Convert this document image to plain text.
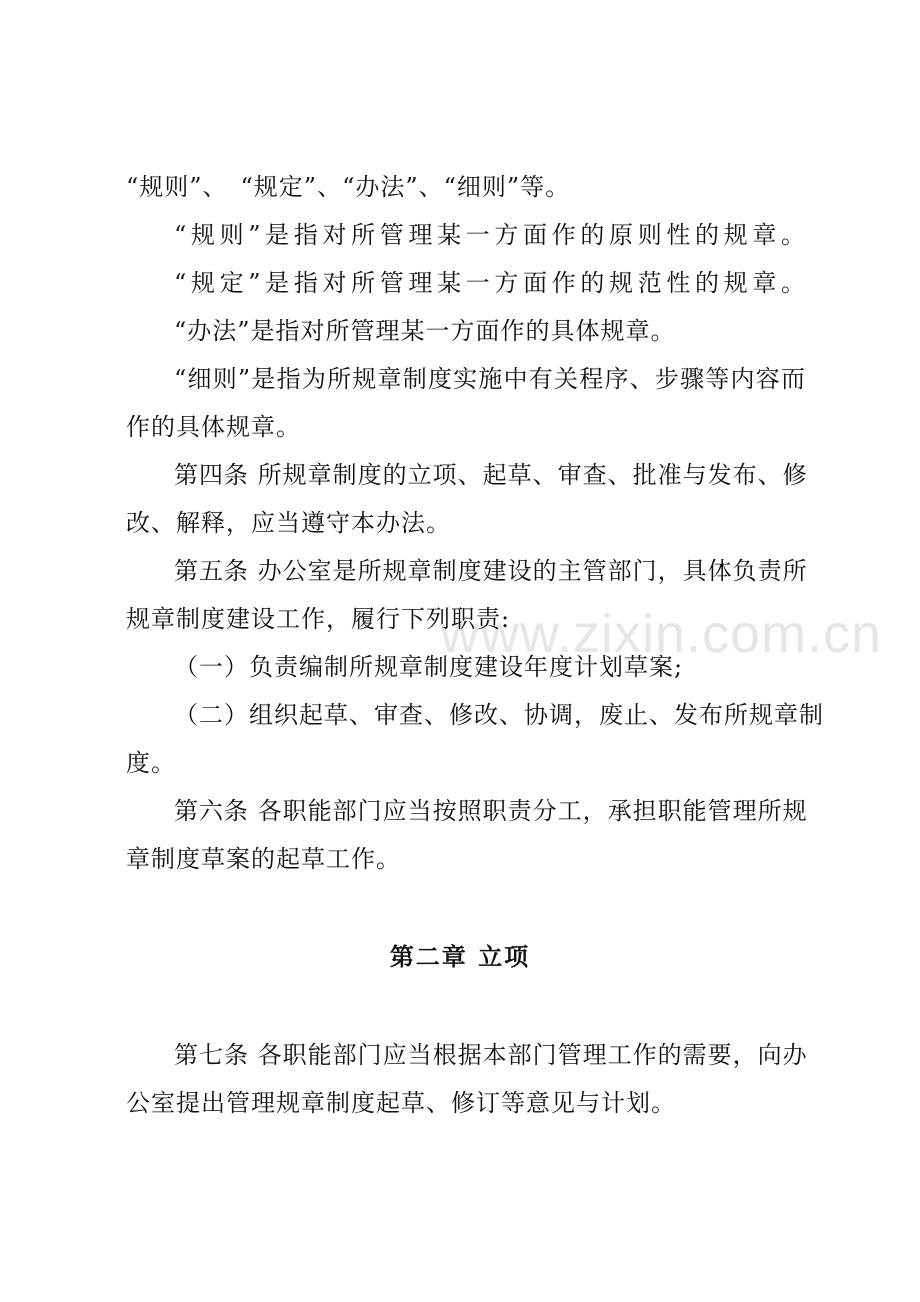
www.zixin.com.cn
“规则”、　“规定”、“办法”、“细则”等。
“规则”是指对所管理某一方面作的原则性的规章。
“规定”是指对所管理某一方面作的规范性的规章。
“办法”是指对所管理某一方面作的具体规章。
“细则”是指为所规章制度实施中有关程序、步骤等内容而
作的具体规章。
第四条 所规章制度的立项、起草、审查、批准与发布、修
改、解释，应当遵守本办法。
第五条 办公室是所规章制度建设的主管部门，具体负责所
规章制度建设工作，履行下列职责:
（一）负责编制所规章制度建设年度计划草案;
（二）组织起草、审查、修改、协调，废止、发布所规章制
度。
第六条 各职能部门应当按照职责分工，承担职能管理所规
章制度草案的起草工作。
第二章 立项
第七条 各职能部门应当根据本部门管理工作的需要，向办
公室提出管理规章制度起草、修订等意见与计划。
